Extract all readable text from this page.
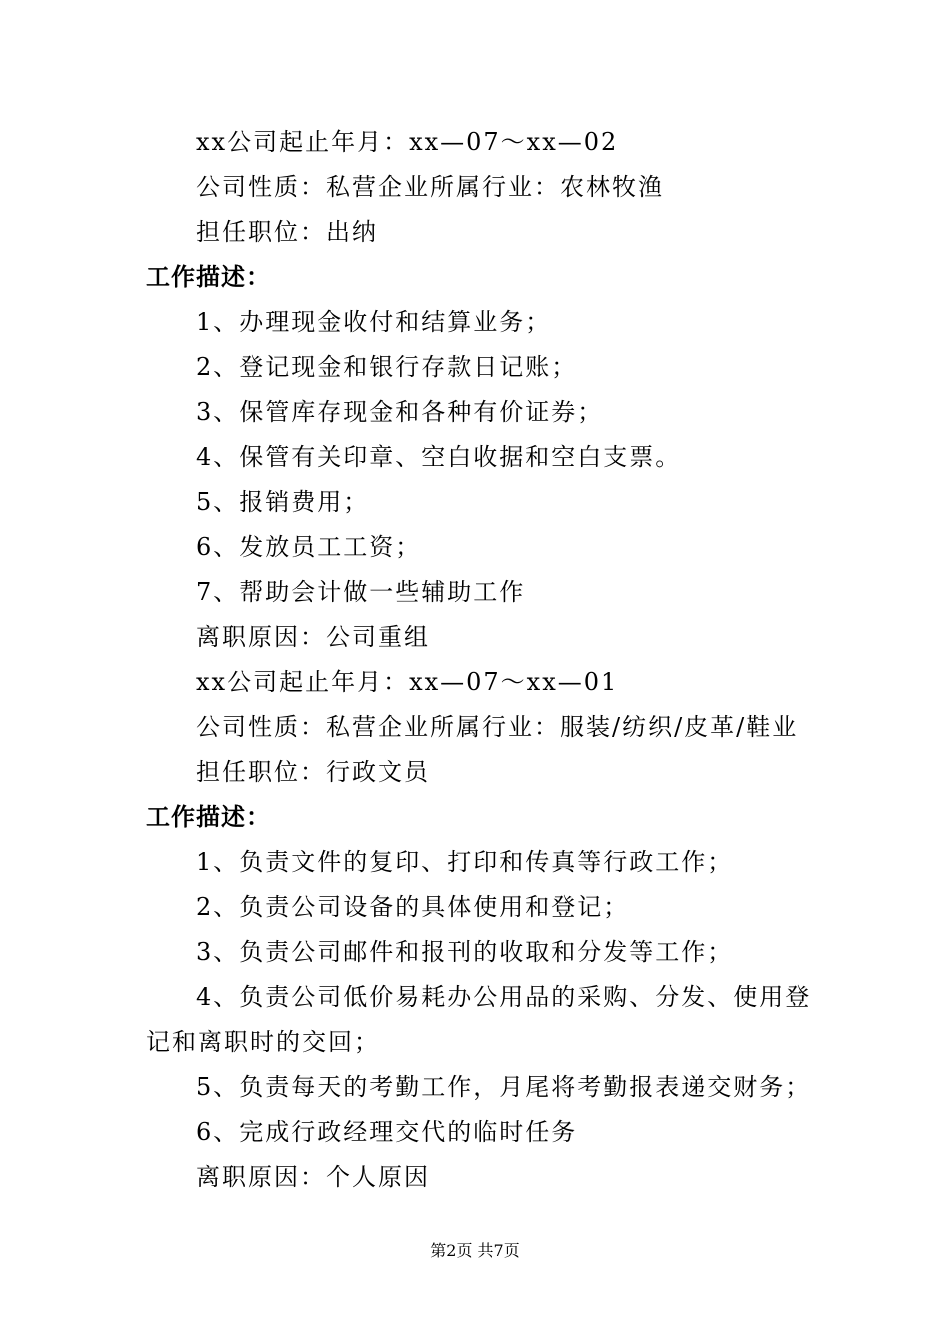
xx公司起止年月：xx—07～xx—02
公司性质：私营企业所属行业：农林牧渔
担任职位：出纳
工作描述：
1、办理现金收付和结算业务；
2、登记现金和银行存款日记账；
3、保管库存现金和各种有价证券；
4、保管有关印章、空白收据和空白支票。
5、报销费用；
6、发放员工工资；
7、帮助会计做一些辅助工作
离职原因：公司重组
xx公司起止年月：xx—07～xx—01
公司性质：私营企业所属行业：服装/纺织/皮革/鞋业
担任职位：行政文员
工作描述：
1、负责文件的复印、打印和传真等行政工作；
2、负责公司设备的具体使用和登记；
3、负责公司邮件和报刊的收取和分发等工作；
4、负责公司低价易耗办公用品的采购、分发、使用登
记和离职时的交回；
5、负责每天的考勤工作，月尾将考勤报表递交财务；
6、完成行政经理交代的临时任务
离职原因：个人原因
第2页 共7页
